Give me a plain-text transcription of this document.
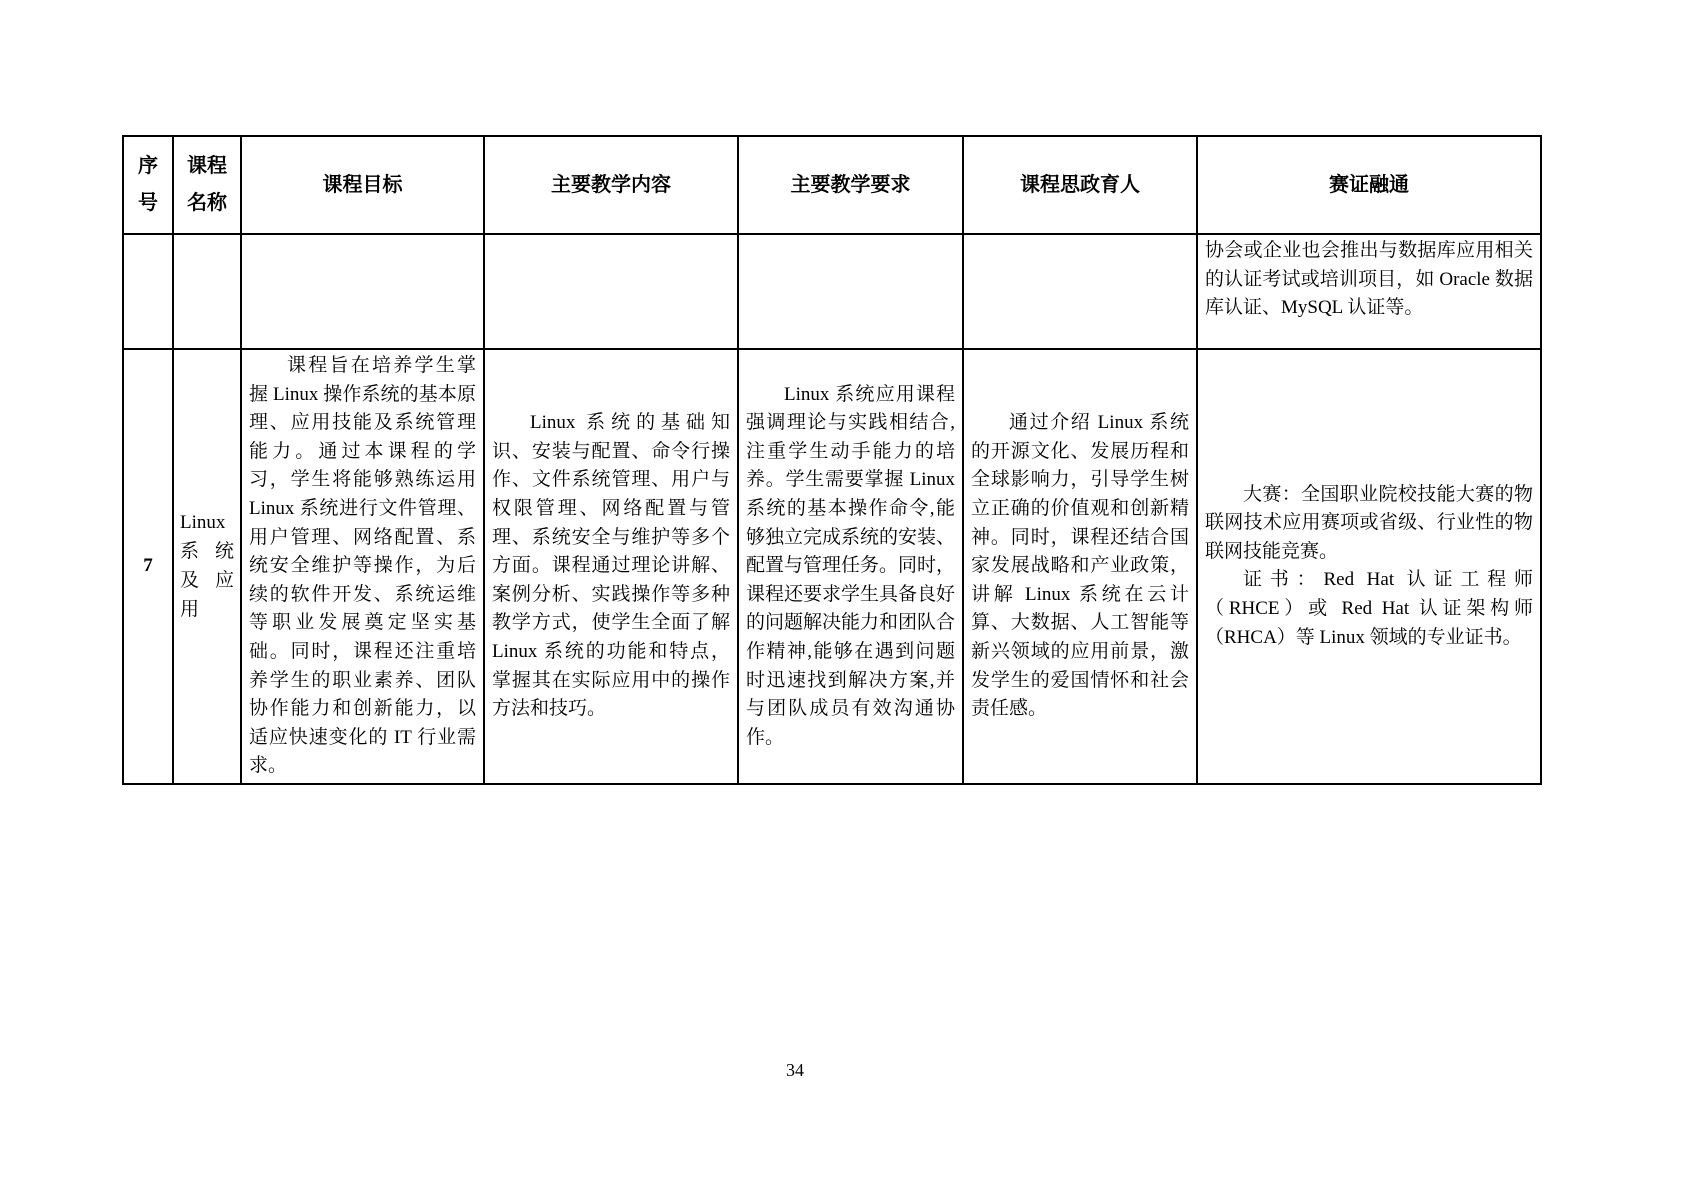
序号	课程名称	课程目标	主要教学内容	主要教学要求	课程思政育人	赛证融通

						协会或企业也会推出与数据库应用相关的认证考试或培训项目，如 Oracle 数据库认证、MySQL 认证等。

7	Linux 系统及应用	课程旨在培养学生掌握 Linux 操作系统的基本原理、应用技能及系统管理能力。通过本课程的学习，学生将能够熟练运用 Linux 系统进行文件管理、用户管理、网络配置、系统安全维护等操作，为后续的软件开发、系统运维等职业发展奠定坚实基础。同时，课程还注重培养学生的职业素养、团队协作能力和创新能力，以适应快速变化的 IT 行业需求。	Linux 系统的基础知识、安装与配置、命令行操作、文件系统管理、用户与权限管理、网络配置与管理、系统安全与维护等多个方面。课程通过理论讲解、案例分析、实践操作等多种教学方式，使学生全面了解 Linux 系统的功能和特点，掌握其在实际应用中的操作方法和技巧。	Linux 系统应用课程强调理论与实践相结合,注重学生动手能力的培养。学生需要掌握 Linux 系统的基本操作命令,能够独立完成系统的安装、配置与管理任务。同时，课程还要求学生具备良好的问题解决能力和团队合作精神,能够在遇到问题时迅速找到解决方案,并与团队成员有效沟通协作。	通过介绍 Linux 系统的开源文化、发展历程和全球影响力，引导学生树立正确的价值观和创新精神。同时，课程还结合国家发展战略和产业政策，讲解 Linux 系统在云计算、大数据、人工智能等新兴领域的应用前景，激发学生的爱国情怀和社会责任感。	大赛：全国职业院校技能大赛的物联网技术应用赛项或省级、行业性的物联网技能竞赛。

证书：Red Hat 认证工程师（RHCE）或 Red Hat 认证架构师（RHCA）等 Linux 领域的专业证书。

34
